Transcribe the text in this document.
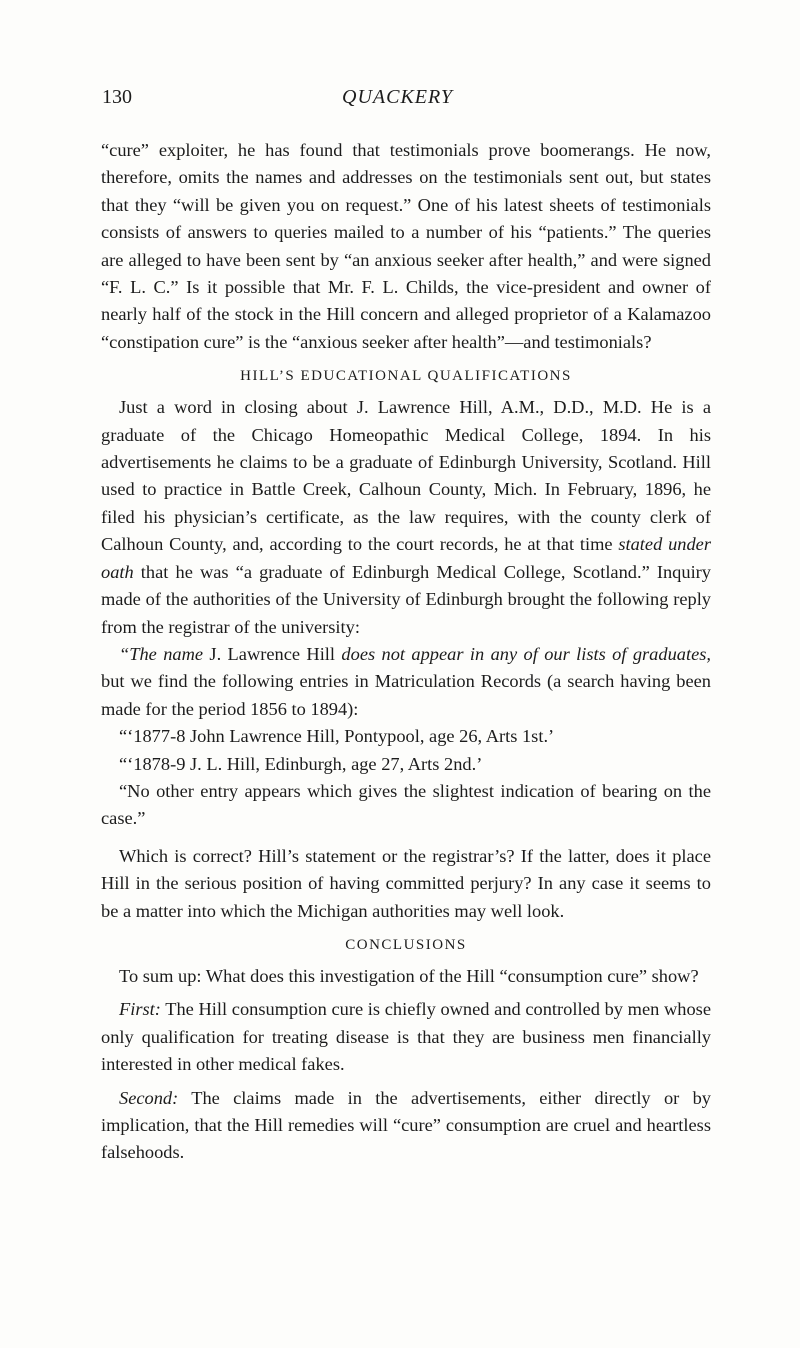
130	QUACKERY

“cure” exploiter, he has found that testimonials prove boomerangs. He now, therefore, omits the names and addresses on the testimonials sent out, but states that they “will be given you on request.” One of his latest sheets of testimonials consists of answers to queries mailed to a number of his “patients.” The queries are alleged to have been sent by “an anxious seeker after health,” and were signed “F. L. C.” Is it possible that Mr. F. L. Childs, the vice-president and owner of nearly half of the stock in the Hill concern and alleged proprietor of a Kalamazoo “constipation cure” is the “anxious seeker after health”—and testimonials?

HILL’S EDUCATIONAL QUALIFICATIONS

Just a word in closing about J. Lawrence Hill, A.M., D.D., M.D. He is a graduate of the Chicago Homeopathic Medical College, 1894. In his advertisements he claims to be a graduate of Edinburgh University, Scotland. Hill used to practice in Battle Creek, Calhoun County, Mich. In February, 1896, he filed his physician’s certificate, as the law requires, with the county clerk of Calhoun County, and, according to the court records, he at that time stated under oath that he was “a graduate of Edinburgh Medical College, Scotland.” Inquiry made of the authorities of the University of Edinburgh brought the following reply from the registrar of the university:

“The name J. Lawrence Hill does not appear in any of our lists of graduates, but we find the following entries in Matriculation Records (a search having been made for the period 1856 to 1894):

“‘1877-8 John Lawrence Hill, Pontypool, age 26, Arts 1st.’

“‘1878-9 J. L. Hill, Edinburgh, age 27, Arts 2nd.’

“No other entry appears which gives the slightest indication of bearing on the case.”

Which is correct? Hill’s statement or the registrar’s? If the latter, does it place Hill in the serious position of having committed perjury? In any case it seems to be a matter into which the Michigan authorities may well look.

CONCLUSIONS

To sum up: What does this investigation of the Hill “consumption cure” show?

First: The Hill consumption cure is chiefly owned and controlled by men whose only qualification for treating disease is that they are business men financially interested in other medical fakes.

Second: The claims made in the advertisements, either directly or by implication, that the Hill remedies will “cure” consumption are cruel and heartless falsehoods.
